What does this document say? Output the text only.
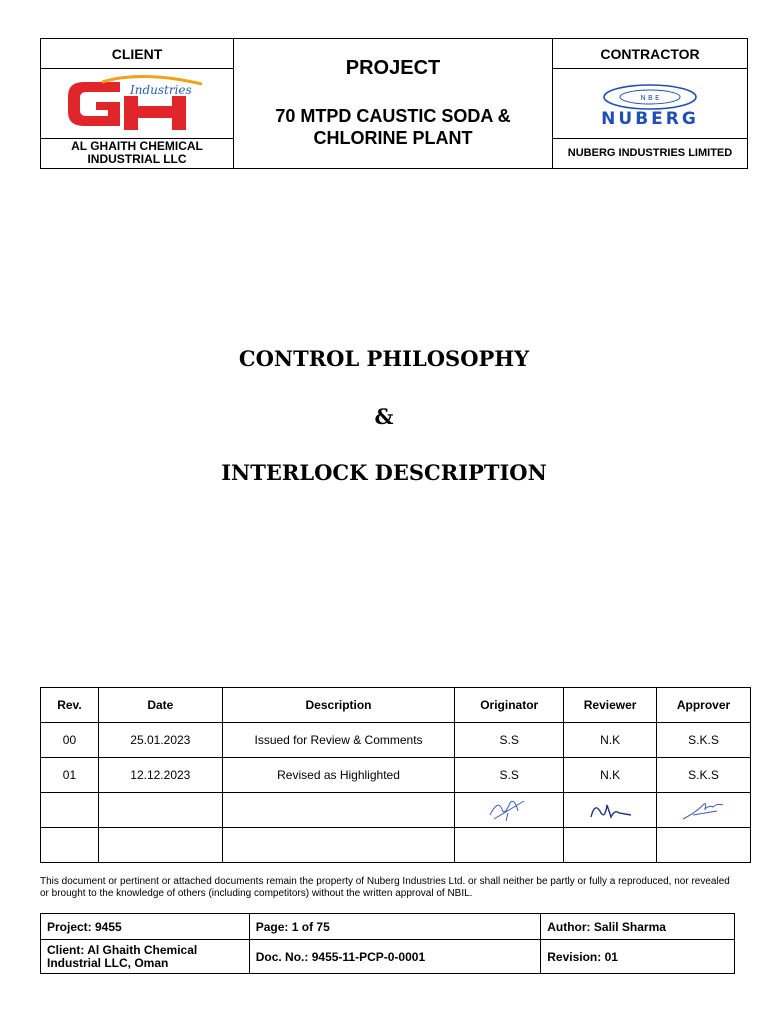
CLIENT
Industries
AL GHAITH CHEMICAL INDUSTRIAL LLC
PROJECT
70 MTPD CAUSTIC SODA & CHLORINE PLANT
CONTRACTOR
N B E
NUBERG
NUBERG INDUSTRIES LIMITED
CONTROL PHILOSOPHY
&
INTERLOCK DESCRIPTION
Rev.	Date	Description	Originator	Reviewer	Approver
00	25.01.2023	Issued for Review & Comments	S.S	N.K	S.K.S
01	12.12.2023	Revised as Highlighted	S.S	N.K	S.K.S

This document or pertinent or attached documents remain the property of Nuberg Industries Ltd. or shall neither be partly or fully a reproduced, nor revealed or brought to the knowledge of others (including competitors) without the written approval of NBIL.
Project: 9455	Page: 1 of 75	Author: Salil Sharma
Client: Al Ghaith Chemical Industrial LLC, Oman	Doc. No.: 9455-11-PCP-0-0001	Revision: 01
